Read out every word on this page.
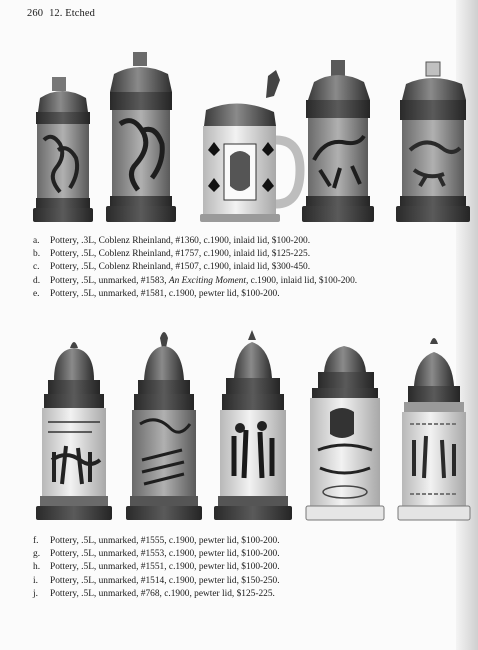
260 12. Etched
a. Pottery, .3L, Coblenz Rheinland, #1360, c.1900, inlaid lid, $100-200.
b. Pottery, .5L, Coblenz Rheinland, #1757, c.1900, inlaid lid, $125-225.
c. Pottery, .5L, Coblenz Rheinland, #1507, c.1900, inlaid lid, $300-450.
d. Pottery, .5L, unmarked, #1583, An Exciting Moment, c.1900, inlaid lid, $100-200.
e. Pottery, .5L, unmarked, #1581, c.1900, pewter lid, $100-200.
f. Pottery, .5L, unmarked, #1555, c.1900, pewter lid, $100-200.
g. Pottery, .5L, unmarked, #1553, c.1900, pewter lid, $100-200.
h. Pottery, .5L, unmarked, #1551, c.1900, pewter lid, $100-200.
i. Pottery, .5L, unmarked, #1514, c.1900, pewter lid, $150-250.
j. Pottery, .5L, unmarked, #768, c.1900, pewter lid, $125-225.
